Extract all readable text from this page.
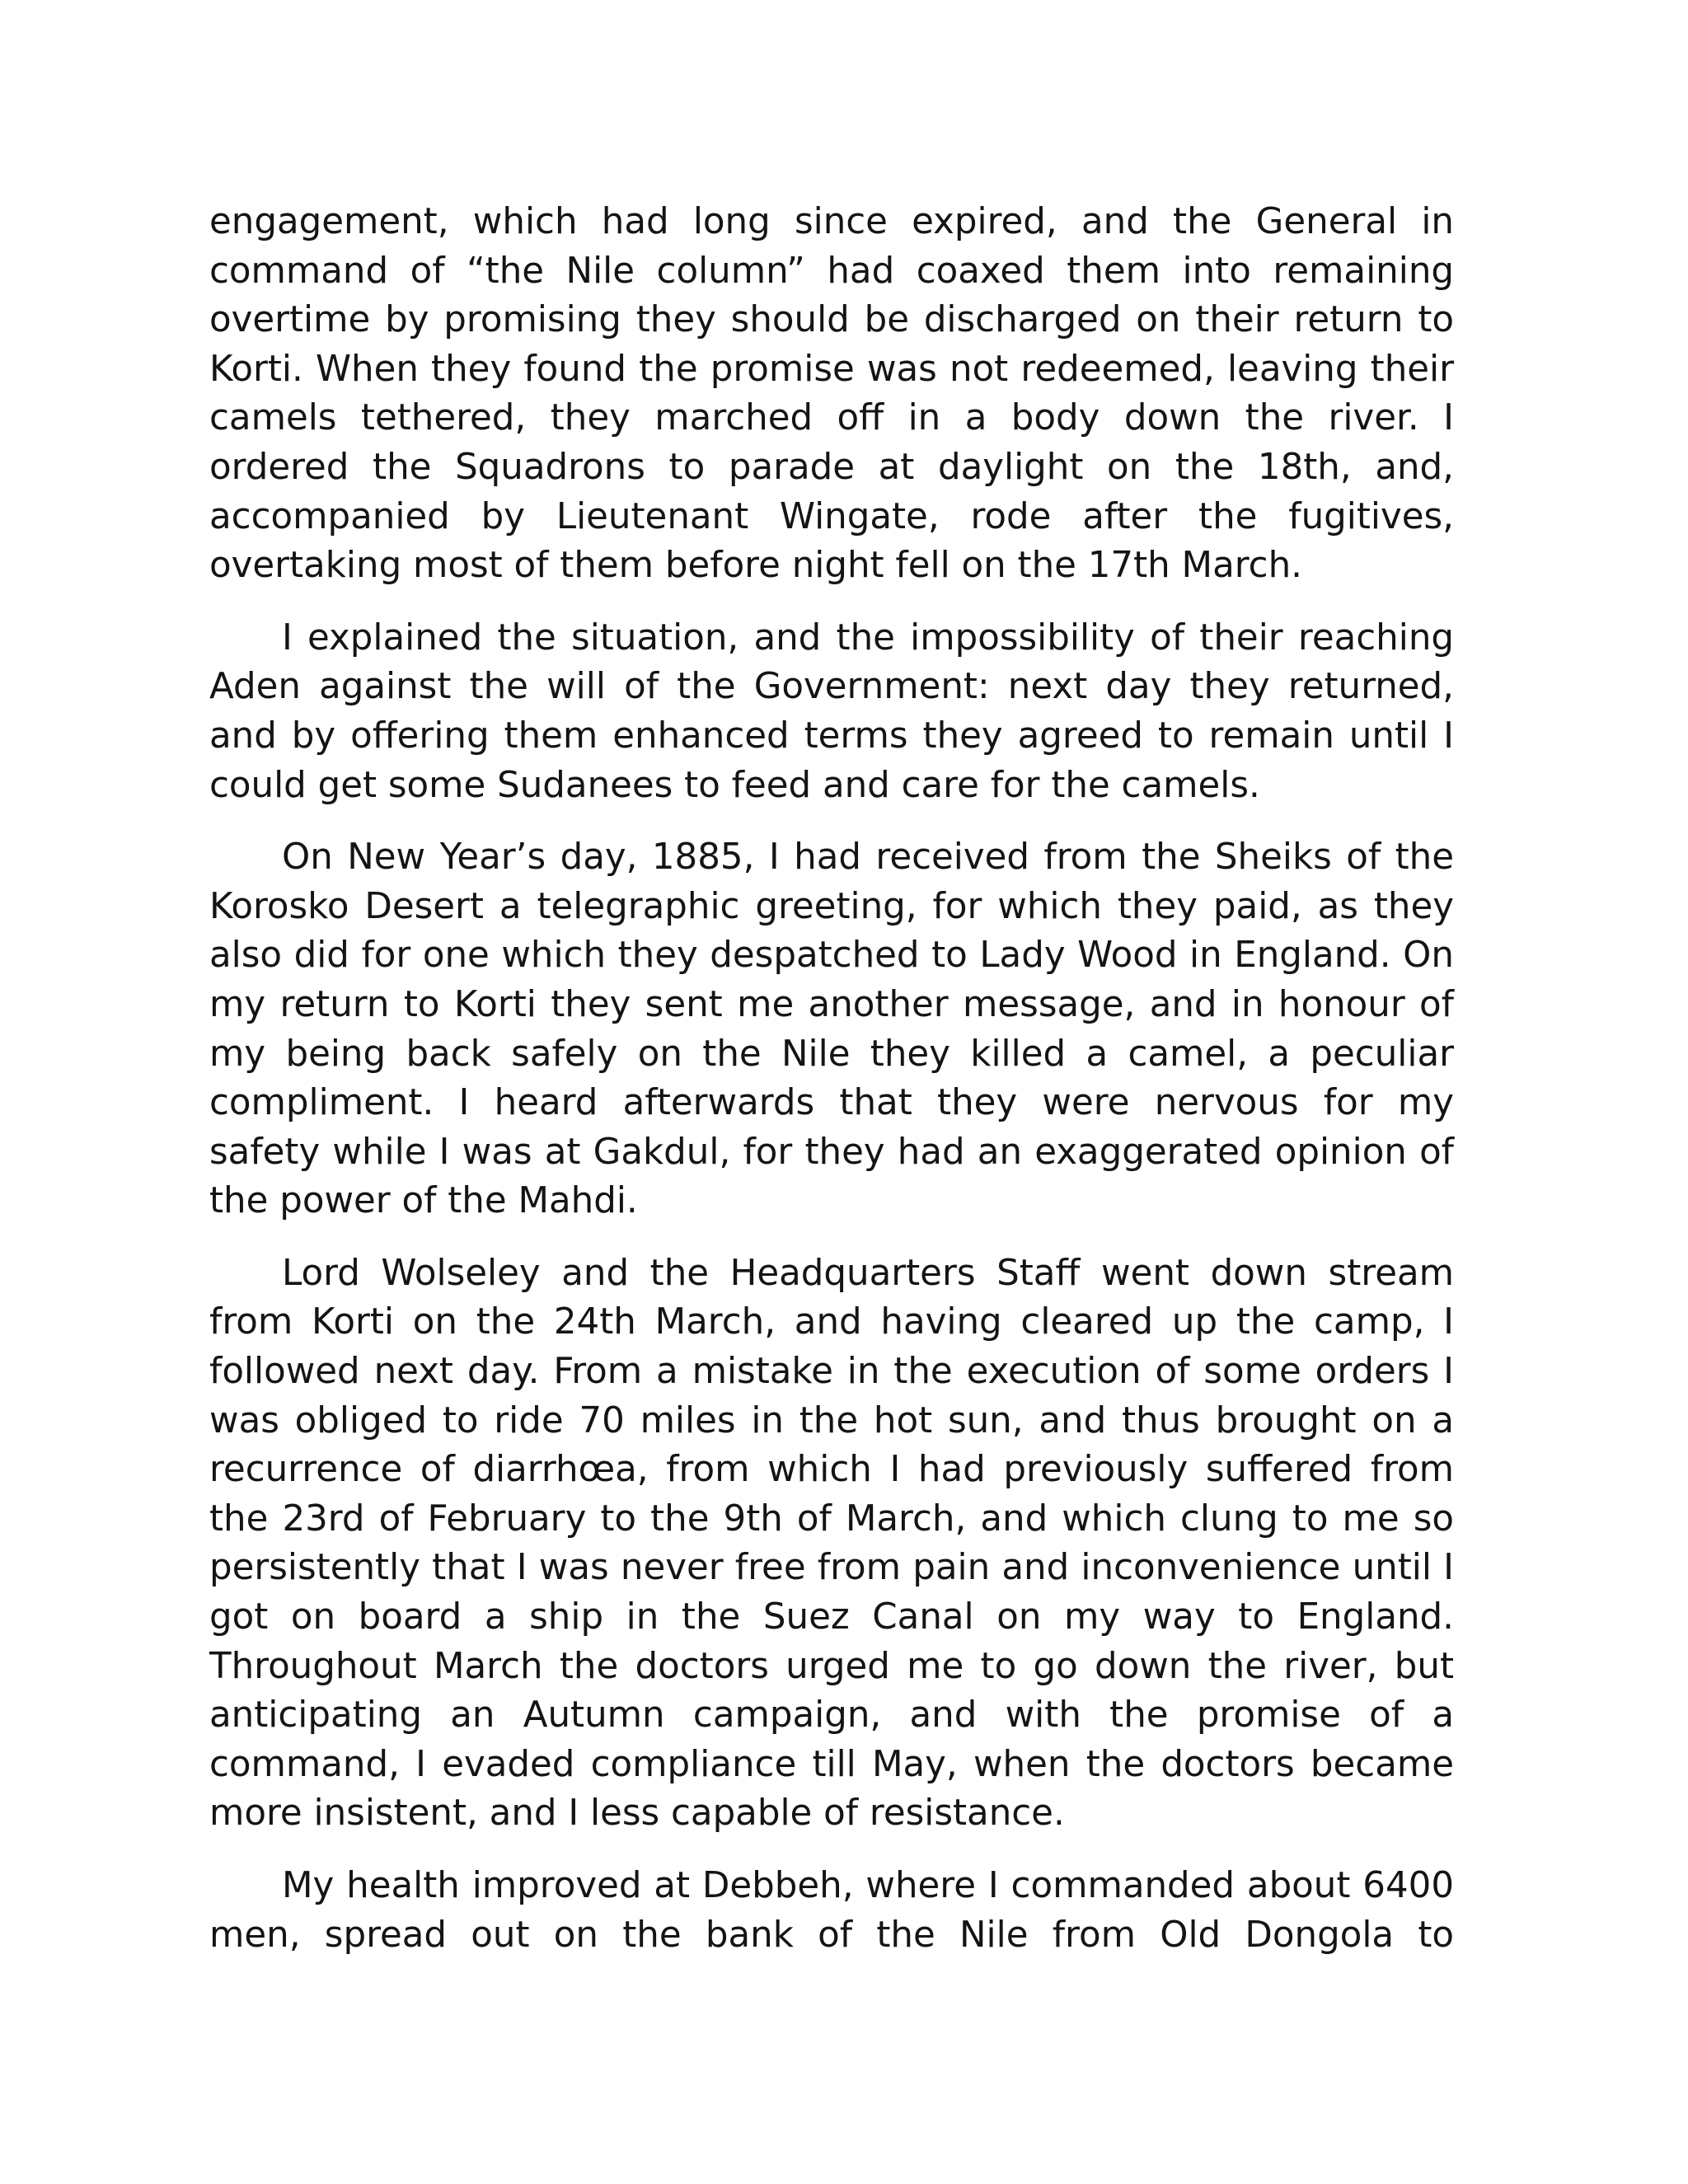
engagement, which had long since expired, and the General in command of “the Nile column” had coaxed them into remaining overtime by promising they should be discharged on their return to Korti. When they found the promise was not redeemed, leaving their camels tethered, they marched off in a body down the river. I ordered the Squadrons to parade at daylight on the 18th, and, accompanied by Lieutenant Wingate, rode after the fugitives, overtaking most of them before night fell on the 17th March.

I explained the situation, and the impossibility of their reaching Aden against the will of the Government: next day they returned, and by offering them enhanced terms they agreed to remain until I could get some Sudanees to feed and care for the camels.

On New Year’s day, 1885, I had received from the Sheiks of the Korosko Desert a telegraphic greeting, for which they paid, as they also did for one which they despatched to Lady Wood in England. On my return to Korti they sent me another message, and in honour of my being back safely on the Nile they killed a camel, a peculiar compliment. I heard afterwards that they were nervous for my safety while I was at Gakdul, for they had an exaggerated opinion of the power of the Mahdi.

Lord Wolseley and the Headquarters Staff went down stream from Korti on the 24th March, and having cleared up the camp, I followed next day. From a mistake in the execution of some orders I was obliged to ride 70 miles in the hot sun, and thus brought on a recurrence of diarrhœa, from which I had previously suffered from the 23rd of February to the 9th of March, and which clung to me so persistently that I was never free from pain and inconvenience until I got on board a ship in the Suez Canal on my way to England. Throughout March the doctors urged me to go down the river, but anticipating an Autumn campaign, and with the promise of a command, I evaded compliance till May, when the doctors became more insistent, and I less capable of resistance.

My health improved at Debbeh, where I commanded about 6400 men, spread out on the bank of the Nile from Old Dongola to
